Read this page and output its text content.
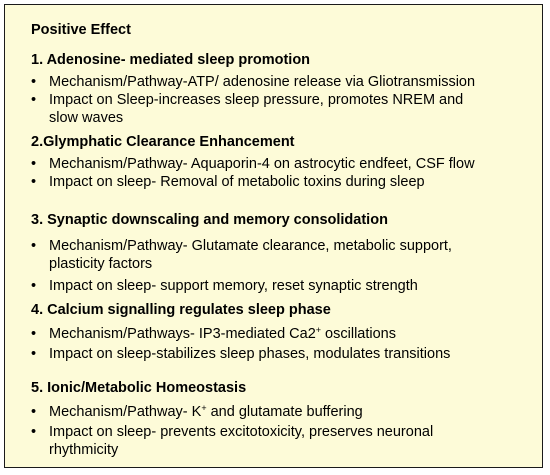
Positive Effect
1. Adenosine- mediated sleep promotion
• Mechanism/Pathway-ATP/ adenosine release via Gliotransmission
• Impact on Sleep-increases sleep pressure, promotes NREM and
slow waves
2.Glymphatic Clearance Enhancement
• Mechanism/Pathway- Aquaporin-4 on astrocytic endfeet, CSF flow
• Impact on sleep- Removal of metabolic toxins during sleep
3. Synaptic downscaling and memory consolidation
• Mechanism/Pathway- Glutamate clearance, metabolic support,
plasticity factors
• Impact on sleep- support memory, reset synaptic strength
4. Calcium signalling regulates sleep phase
• Mechanism/Pathways- IP3-mediated Ca2+ oscillations
• Impact on sleep-stabilizes sleep phases, modulates transitions
5. Ionic/Metabolic Homeostasis
• Mechanism/Pathway- K+ and glutamate buffering
• Impact on sleep- prevents excitotoxicity, preserves neuronal
rhythmicity
